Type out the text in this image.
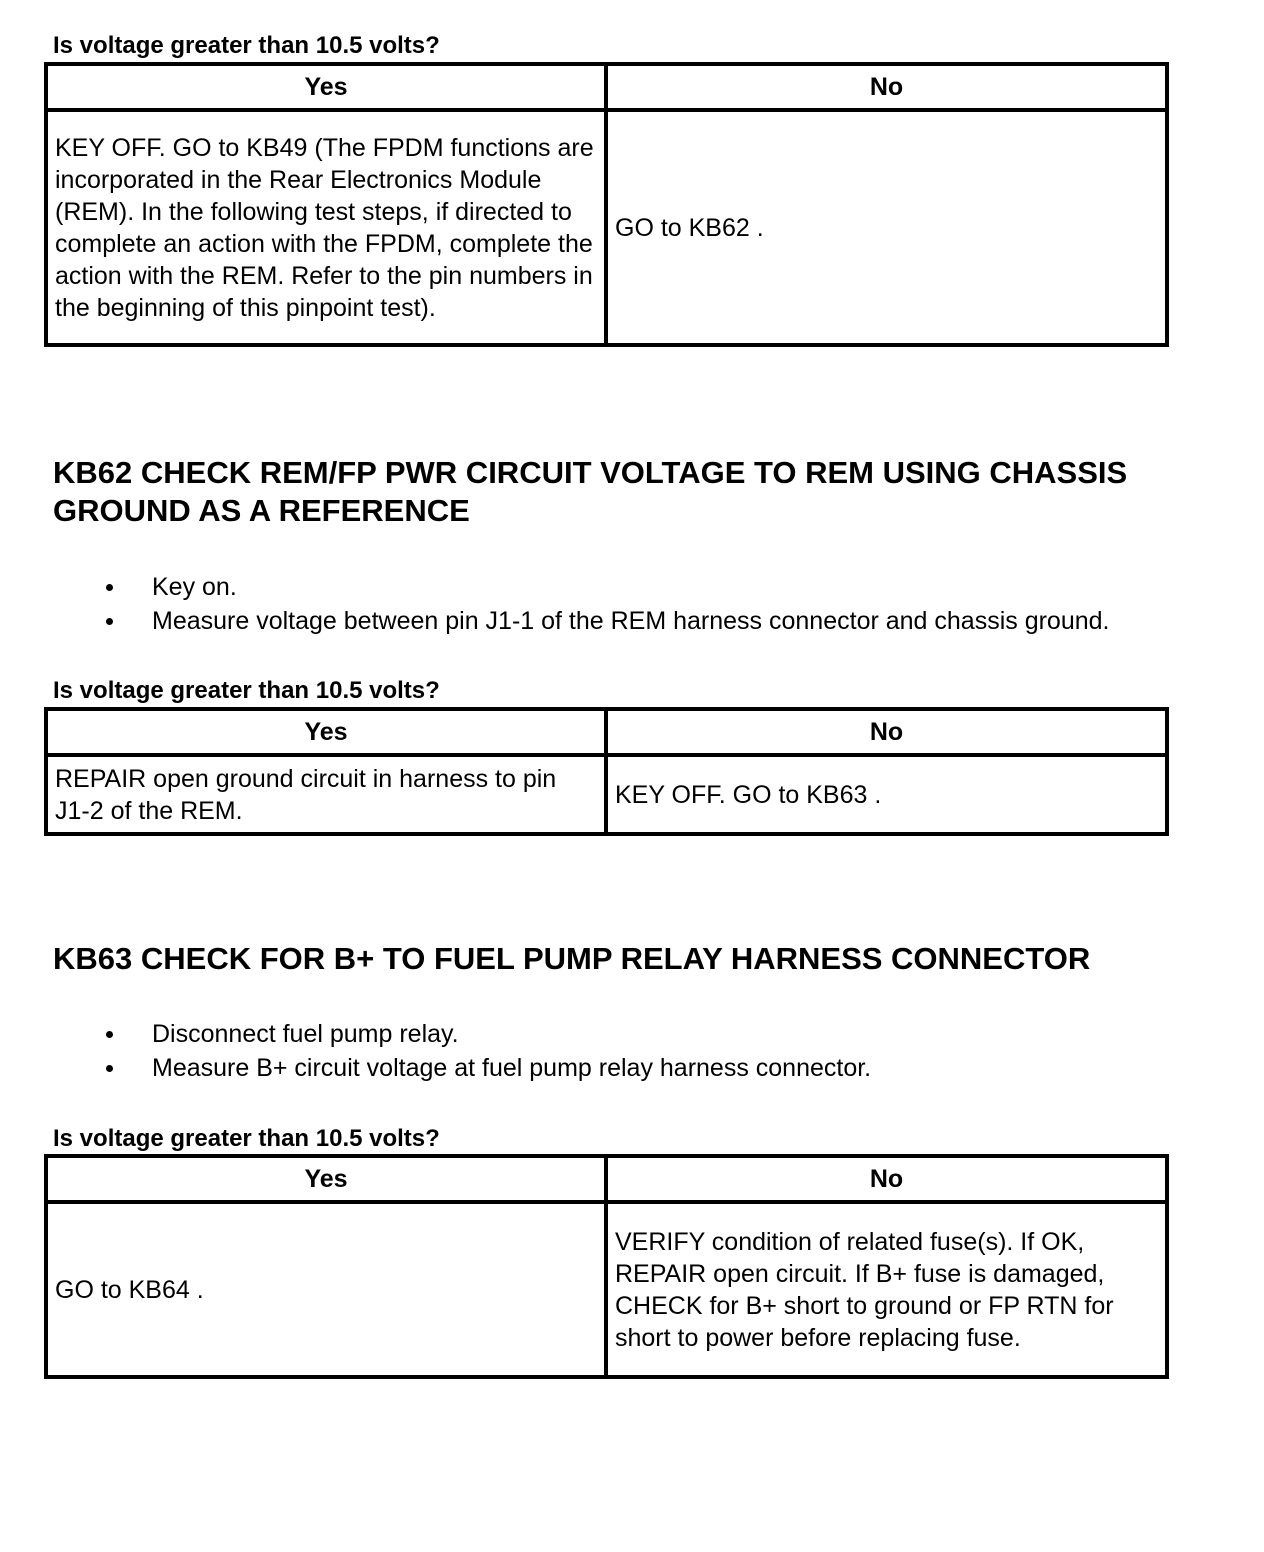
Is voltage greater than 10.5 volts?

Yes	No
KEY OFF. GO to KB49 (The FPDM functions are incorporated in the Rear Electronics Module (REM). In the following test steps, if directed to complete an action with the FPDM, complete the action with the REM. Refer to the pin numbers in the beginning of this pinpoint test).	GO to KB62 .
KB62 CHECK REM/FP PWR CIRCUIT VOLTAGE TO REM USING CHASSIS GROUND AS A REFERENCE
Key on.
Measure voltage between pin J1-1 of the REM harness connector and chassis ground.

Is voltage greater than 10.5 volts?

Yes	No
REPAIR open ground circuit in harness to pin J1-2 of the REM.	KEY OFF. GO to KB63 .
KB63 CHECK FOR B+ TO FUEL PUMP RELAY HARNESS CONNECTOR
Disconnect fuel pump relay.
Measure B+ circuit voltage at fuel pump relay harness connector.

Is voltage greater than 10.5 volts?

Yes	No
GO to KB64 .	VERIFY condition of related fuse(s). If OK, REPAIR open circuit. If B+ fuse is damaged, CHECK for B+ short to ground or FP RTN for short to power before replacing fuse.
